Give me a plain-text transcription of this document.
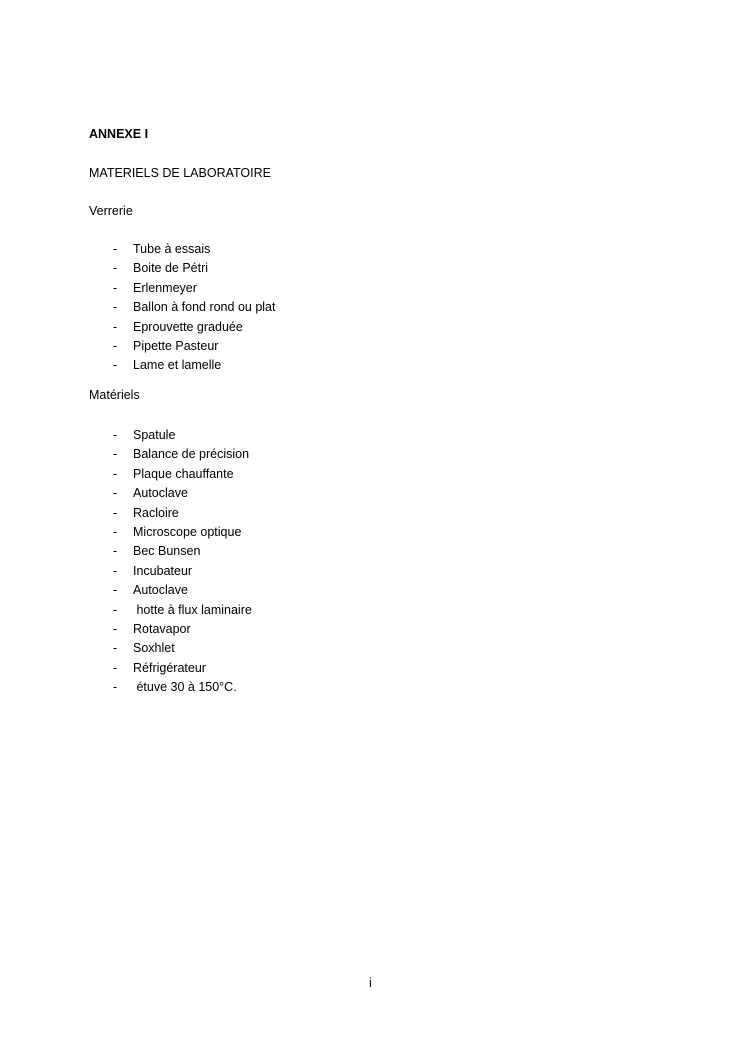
ANNEXE I

MATERIELS DE LABORATOIRE

Verrerie

- Tube à essais
- Boite de Pétri
- Erlenmeyer
- Ballon à fond rond ou plat
- Eprouvette graduée
- Pipette Pasteur
- Lame et lamelle

Matériels

- Spatule
- Balance de précision
- Plaque chauffante
- Autoclave
- Racloire
- Microscope optique
- Bec Bunsen
- Incubateur
- Autoclave
- hotte à flux laminaire
- Rotavapor
- Soxhlet
- Réfrigérateur
- étuve 30 à 150°C.
i
